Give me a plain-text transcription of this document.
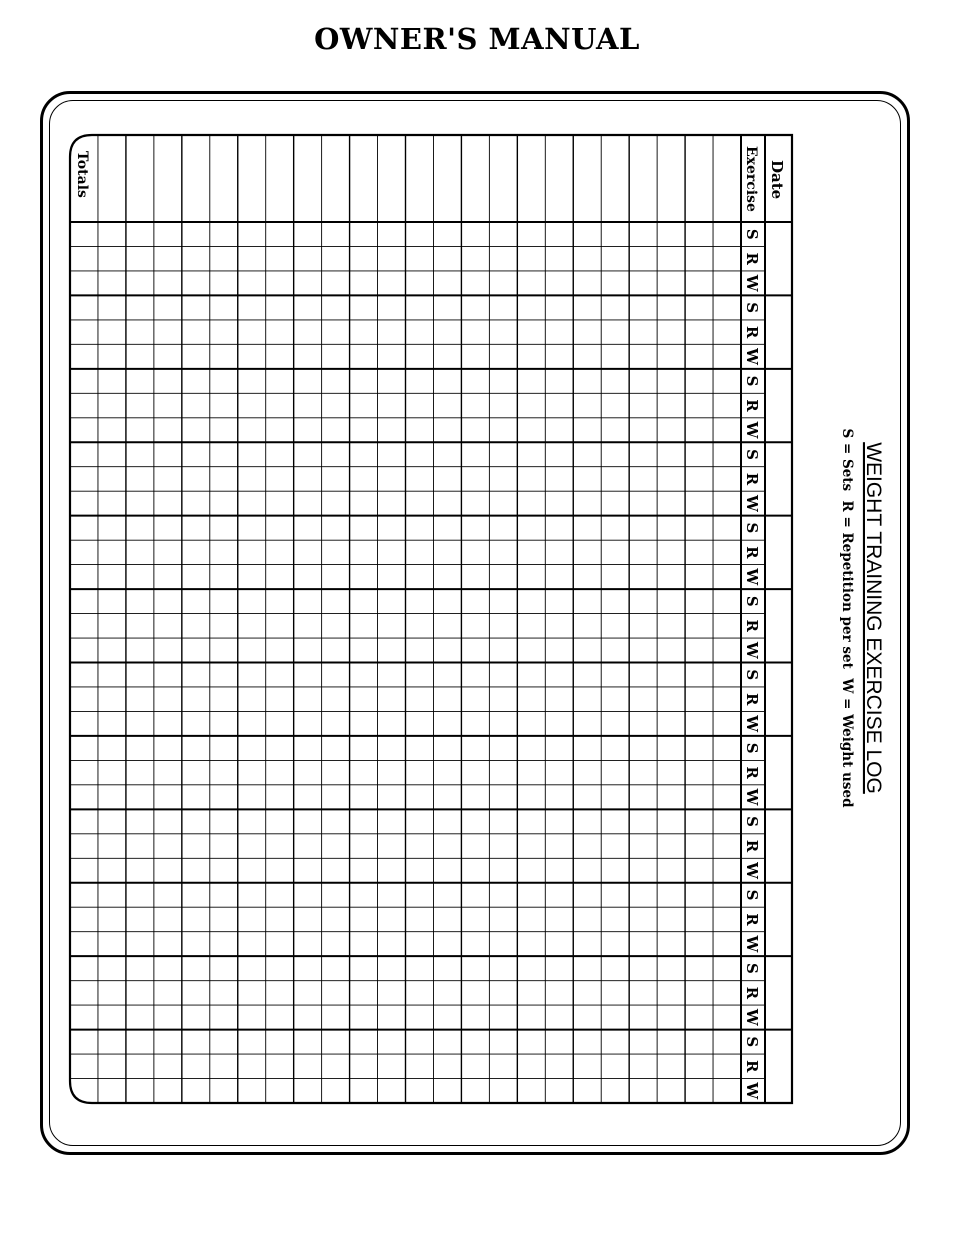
OWNER'S MANUAL
WEIGHT TRAINING EXERCISE LOG
S = Sets  R = Repetition per set  W = Weight used
Date
Exercise
Totals
S
R
W
S
R
W
S
R
W
S
R
W
S
R
W
S
R
W
S
R
W
S
R
W
S
R
W
S
R
W
S
R
W
S
R
W
